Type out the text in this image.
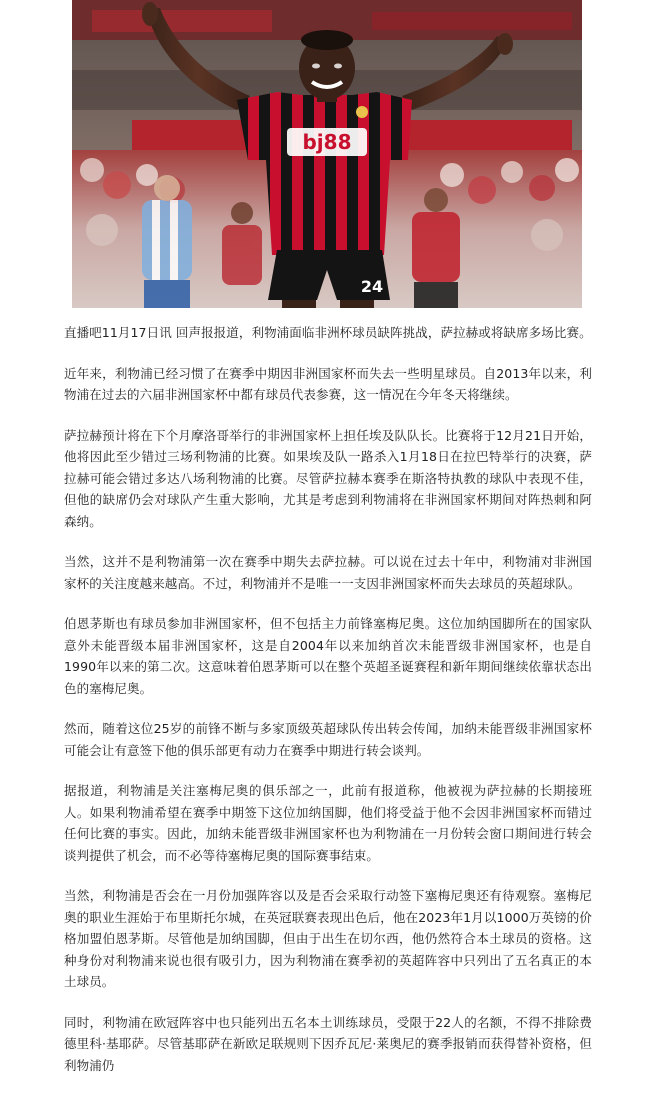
bj88
24

直播吧11月17日讯 回声报报道，利物浦面临非洲杯球员缺阵挑战，萨拉赫或将缺席多场比赛。

近年来，利物浦已经习惯了在赛季中期因非洲国家杯而失去一些明星球员。自2013年以来，利物浦在过去的六届非洲国家杯中都有球员代表参赛，这一情况在今年冬天将继续。

萨拉赫预计将在下个月摩洛哥举行的非洲国家杯上担任埃及队队长。比赛将于12月21日开始，他将因此至少错过三场利物浦的比赛。如果埃及队一路杀入1月18日在拉巴特举行的决赛，萨拉赫可能会错过多达八场利物浦的比赛。尽管萨拉赫本赛季在斯洛特执教的球队中表现不佳，但他的缺席仍会对球队产生重大影响，尤其是考虑到利物浦将在非洲国家杯期间对阵热刺和阿森纳。

当然，这并不是利物浦第一次在赛季中期失去萨拉赫。可以说在过去十年中，利物浦对非洲国家杯的关注度越来越高。不过，利物浦并不是唯一一支因非洲国家杯而失去球员的英超球队。

伯恩茅斯也有球员参加非洲国家杯，但不包括主力前锋塞梅尼奥。这位加纳国脚所在的国家队意外未能晋级本届非洲国家杯，这是自2004年以来加纳首次未能晋级非洲国家杯，也是自1990年以来的第二次。这意味着伯恩茅斯可以在整个英超圣诞赛程和新年期间继续依靠状态出色的塞梅尼奥。

然而，随着这位25岁的前锋不断与多家顶级英超球队传出转会传闻，加纳未能晋级非洲国家杯可能会让有意签下他的俱乐部更有动力在赛季中期进行转会谈判。

据报道，利物浦是关注塞梅尼奥的俱乐部之一，此前有报道称，他被视为萨拉赫的长期接班人。如果利物浦希望在赛季中期签下这位加纳国脚，他们将受益于他不会因非洲国家杯而错过任何比赛的事实。因此，加纳未能晋级非洲国家杯也为利物浦在一月份转会窗口期间进行转会谈判提供了机会，而不必等待塞梅尼奥的国际赛事结束。

当然，利物浦是否会在一月份加强阵容以及是否会采取行动签下塞梅尼奥还有待观察。塞梅尼奥的职业生涯始于布里斯托尔城，在英冠联赛表现出色后，他在2023年1月以1000万英镑的价格加盟伯恩茅斯。尽管他是加纳国脚，但由于出生在切尔西，他仍然符合本土球员的资格。这种身份对利物浦来说也很有吸引力，因为利物浦在赛季初的英超阵容中只列出了五名真正的本土球员。

同时，利物浦在欧冠阵容中也只能列出五名本土训练球员，受限于22人的名额，不得不排除费德里科·基耶萨。尽管基耶萨在新欧足联规则下因乔瓦尼·莱奥尼的赛季报销而获得替补资格，但利物浦仍
